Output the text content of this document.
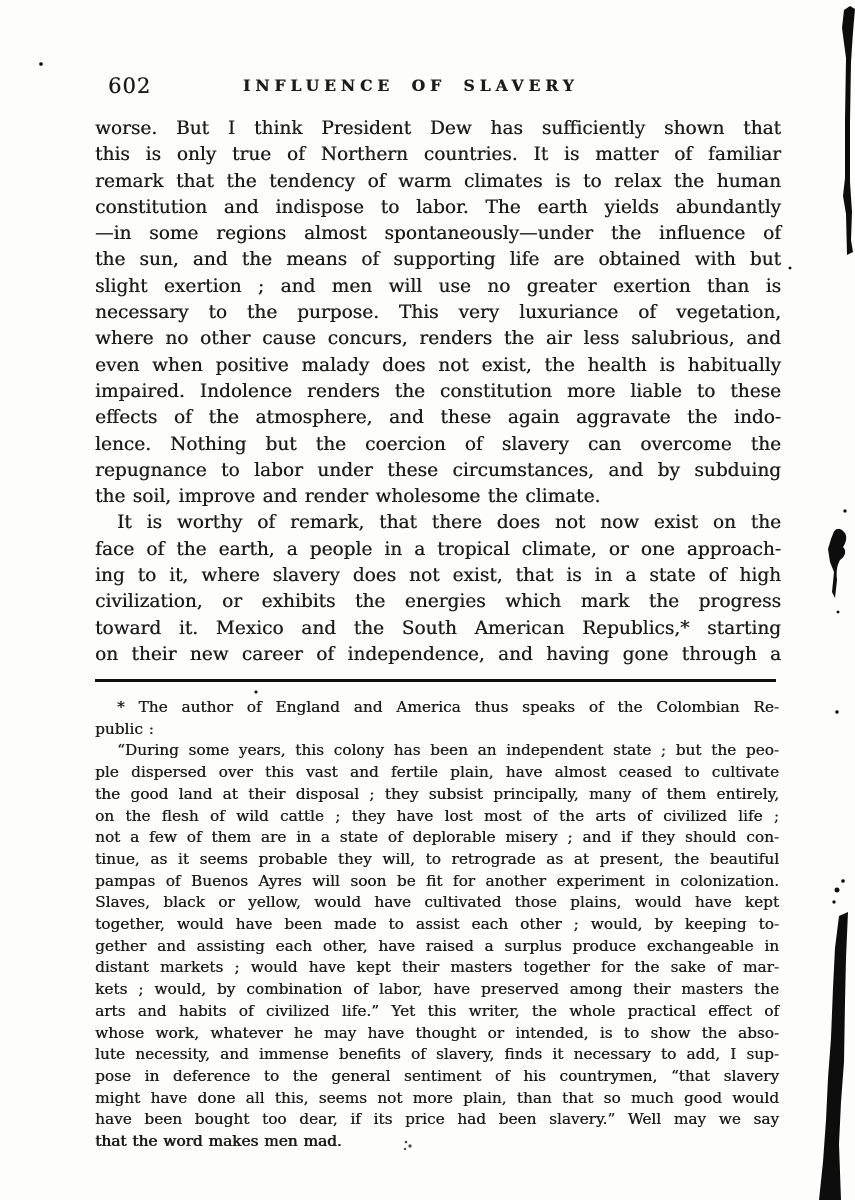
602	INFLUENCE OF SLAVERY
worse. But I think President Dew has sufficiently shown that
this is only true of Northern countries. It is matter of familiar
remark that the tendency of warm climates is to relax the human
constitution and indispose to labor. The earth yields abundantly
—in some regions almost spontaneously—under the influence of
the sun, and the means of supporting life are obtained with but
slight exertion ; and men will use no greater exertion than is
necessary to the purpose. This very luxuriance of vegetation,
where no other cause concurs, renders the air less salubrious, and
even when positive malady does not exist, the health is habitually
impaired. Indolence renders the constitution more liable to these
effects of the atmosphere, and these again aggravate the indo-
lence. Nothing but the coercion of slavery can overcome the
repugnance to labor under these circumstances, and by subduing
the soil, improve and render wholesome the climate.
It is worthy of remark, that there does not now exist on the
face of the earth, a people in a tropical climate, or one approach-
ing to it, where slavery does not exist, that is in a state of high
civilization, or exhibits the energies which mark the progress
toward it. Mexico and the South American Republics,* starting
on their new career of independence, and having gone through a
* The author of England and America thus speaks of the Colombian Re-
public :
“During some years, this colony has been an independent state ; but the peo-
ple dispersed over this vast and fertile plain, have almost ceased to cultivate
the good land at their disposal ; they subsist principally, many of them entirely,
on the flesh of wild cattle ; they have lost most of the arts of civilized life ;
not a few of them are in a state of deplorable misery ; and if they should con-
tinue, as it seems probable they will, to retrograde as at present, the beautiful
pampas of Buenos Ayres will soon be fit for another experiment in colonization.
Slaves, black or yellow, would have cultivated those plains, would have kept
together, would have been made to assist each other ; would, by keeping to-
gether and assisting each other, have raised a surplus produce exchangeable in
distant markets ; would have kept their masters together for the sake of mar-
kets ; would, by combination of labor, have preserved among their masters the
arts and habits of civilized life.” Yet this writer, the whole practical effect of
whose work, whatever he may have thought or intended, is to show the abso-
lute necessity, and immense benefits of slavery, finds it necessary to add, I sup-
pose in deference to the general sentiment of his countrymen, “that slavery
might have done all this, seems not more plain, than that so much good would
have been bought too dear, if its price had been slavery.” Well may we say
that the word makes men mad.
